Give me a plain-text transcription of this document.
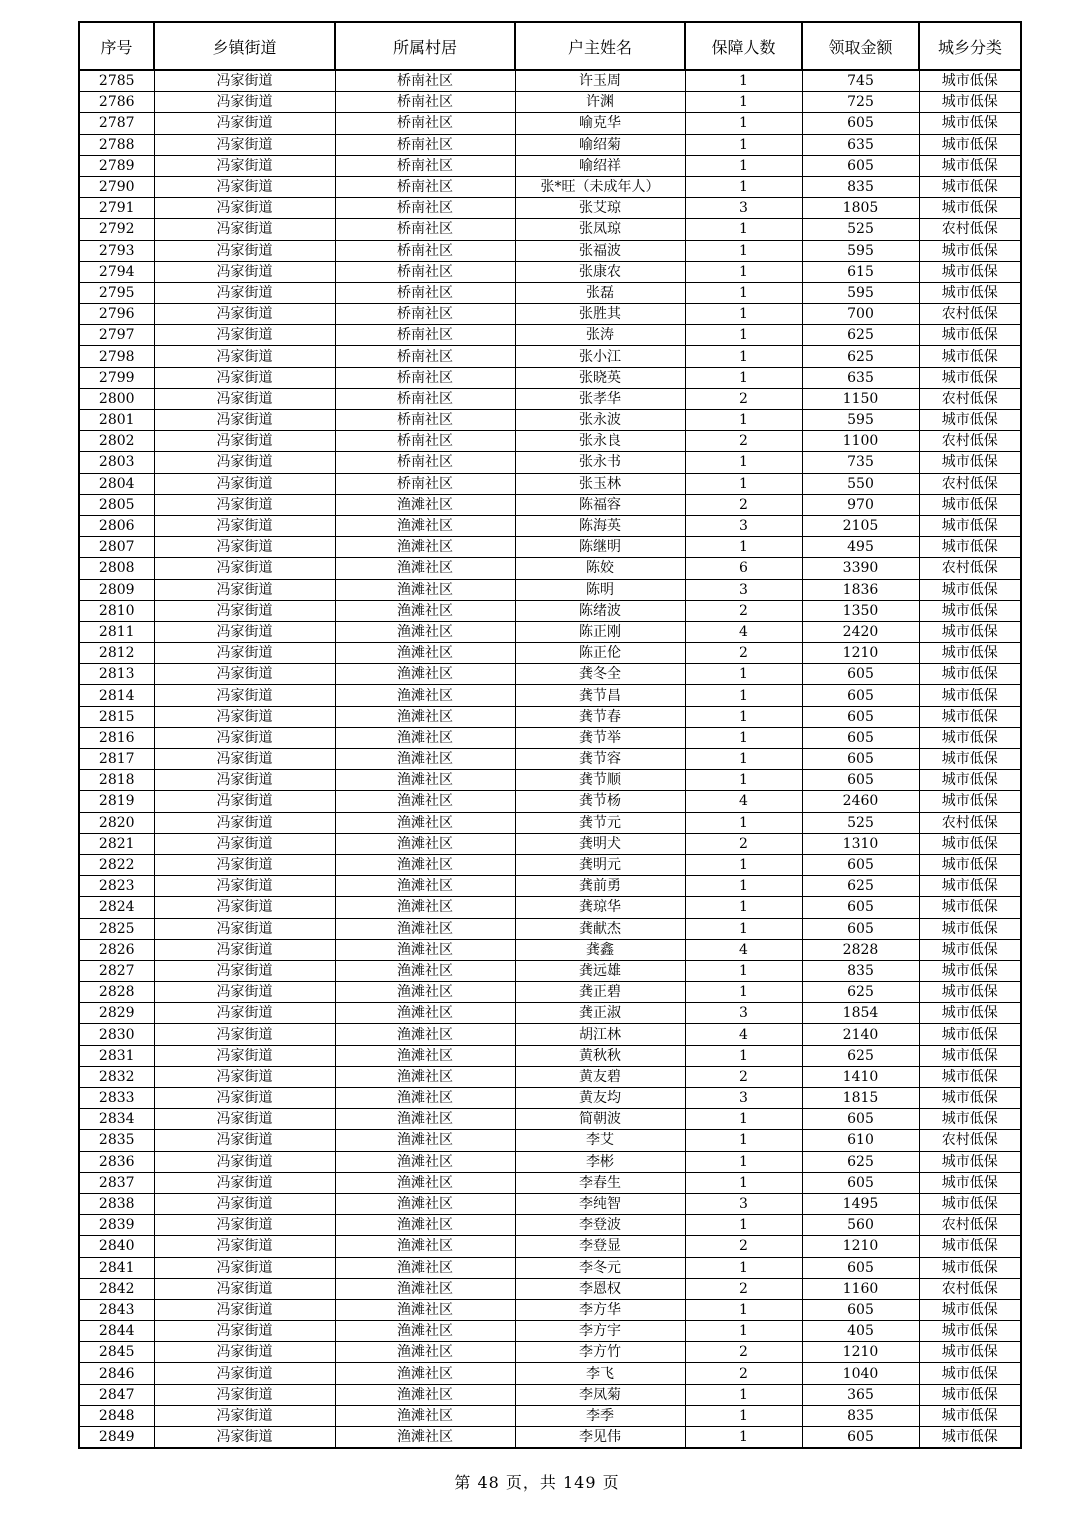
序号	乡镇街道	所属村居	户主姓名	保障人数	领取金额	城乡分类
2785	冯家街道	桥南社区	许玉周	1	745	城市低保
2786	冯家街道	桥南社区	许渊	1	725	城市低保
2787	冯家街道	桥南社区	喻克华	1	605	城市低保
2788	冯家街道	桥南社区	喻绍菊	1	635	城市低保
2789	冯家街道	桥南社区	喻绍祥	1	605	城市低保
2790	冯家街道	桥南社区	张*旺（未成年人）	1	835	城市低保
2791	冯家街道	桥南社区	张艾琼	3	1805	城市低保
2792	冯家街道	桥南社区	张凤琼	1	525	农村低保
2793	冯家街道	桥南社区	张福波	1	595	城市低保
2794	冯家街道	桥南社区	张康农	1	615	城市低保
2795	冯家街道	桥南社区	张磊	1	595	城市低保
2796	冯家街道	桥南社区	张胜其	1	700	农村低保
2797	冯家街道	桥南社区	张涛	1	625	城市低保
2798	冯家街道	桥南社区	张小江	1	625	城市低保
2799	冯家街道	桥南社区	张晓英	1	635	城市低保
2800	冯家街道	桥南社区	张孝华	2	1150	农村低保
2801	冯家街道	桥南社区	张永波	1	595	城市低保
2802	冯家街道	桥南社区	张永良	2	1100	农村低保
2803	冯家街道	桥南社区	张永书	1	735	城市低保
2804	冯家街道	桥南社区	张玉林	1	550	农村低保
2805	冯家街道	渔滩社区	陈福容	2	970	城市低保
2806	冯家街道	渔滩社区	陈海英	3	2105	城市低保
2807	冯家街道	渔滩社区	陈继明	1	495	城市低保
2808	冯家街道	渔滩社区	陈姣	6	3390	农村低保
2809	冯家街道	渔滩社区	陈明	3	1836	城市低保
2810	冯家街道	渔滩社区	陈绪波	2	1350	城市低保
2811	冯家街道	渔滩社区	陈正刚	4	2420	城市低保
2812	冯家街道	渔滩社区	陈正伦	2	1210	城市低保
2813	冯家街道	渔滩社区	龚冬全	1	605	城市低保
2814	冯家街道	渔滩社区	龚节昌	1	605	城市低保
2815	冯家街道	渔滩社区	龚节春	1	605	城市低保
2816	冯家街道	渔滩社区	龚节举	1	605	城市低保
2817	冯家街道	渔滩社区	龚节容	1	605	城市低保
2818	冯家街道	渔滩社区	龚节顺	1	605	城市低保
2819	冯家街道	渔滩社区	龚节杨	4	2460	城市低保
2820	冯家街道	渔滩社区	龚节元	1	525	农村低保
2821	冯家街道	渔滩社区	龚明犬	2	1310	城市低保
2822	冯家街道	渔滩社区	龚明元	1	605	城市低保
2823	冯家街道	渔滩社区	龚前勇	1	625	城市低保
2824	冯家街道	渔滩社区	龚琼华	1	605	城市低保
2825	冯家街道	渔滩社区	龚献杰	1	605	城市低保
2826	冯家街道	渔滩社区	龚鑫	4	2828	城市低保
2827	冯家街道	渔滩社区	龚远雄	1	835	城市低保
2828	冯家街道	渔滩社区	龚正碧	1	625	城市低保
2829	冯家街道	渔滩社区	龚正淑	3	1854	城市低保
2830	冯家街道	渔滩社区	胡江林	4	2140	城市低保
2831	冯家街道	渔滩社区	黄秋秋	1	625	城市低保
2832	冯家街道	渔滩社区	黄友碧	2	1410	城市低保
2833	冯家街道	渔滩社区	黄友均	3	1815	城市低保
2834	冯家街道	渔滩社区	简朝波	1	605	城市低保
2835	冯家街道	渔滩社区	李艾	1	610	农村低保
2836	冯家街道	渔滩社区	李彬	1	625	城市低保
2837	冯家街道	渔滩社区	李春生	1	605	城市低保
2838	冯家街道	渔滩社区	李纯智	3	1495	城市低保
2839	冯家街道	渔滩社区	李登波	1	560	农村低保
2840	冯家街道	渔滩社区	李登显	2	1210	城市低保
2841	冯家街道	渔滩社区	李冬元	1	605	城市低保
2842	冯家街道	渔滩社区	李恩权	2	1160	农村低保
2843	冯家街道	渔滩社区	李方华	1	605	城市低保
2844	冯家街道	渔滩社区	李方宇	1	405	城市低保
2845	冯家街道	渔滩社区	李方竹	2	1210	城市低保
2846	冯家街道	渔滩社区	李飞	2	1040	城市低保
2847	冯家街道	渔滩社区	李凤菊	1	365	城市低保
2848	冯家街道	渔滩社区	李季	1	835	城市低保
2849	冯家街道	渔滩社区	李见伟	1	605	城市低保
第 48 页，共 149 页
